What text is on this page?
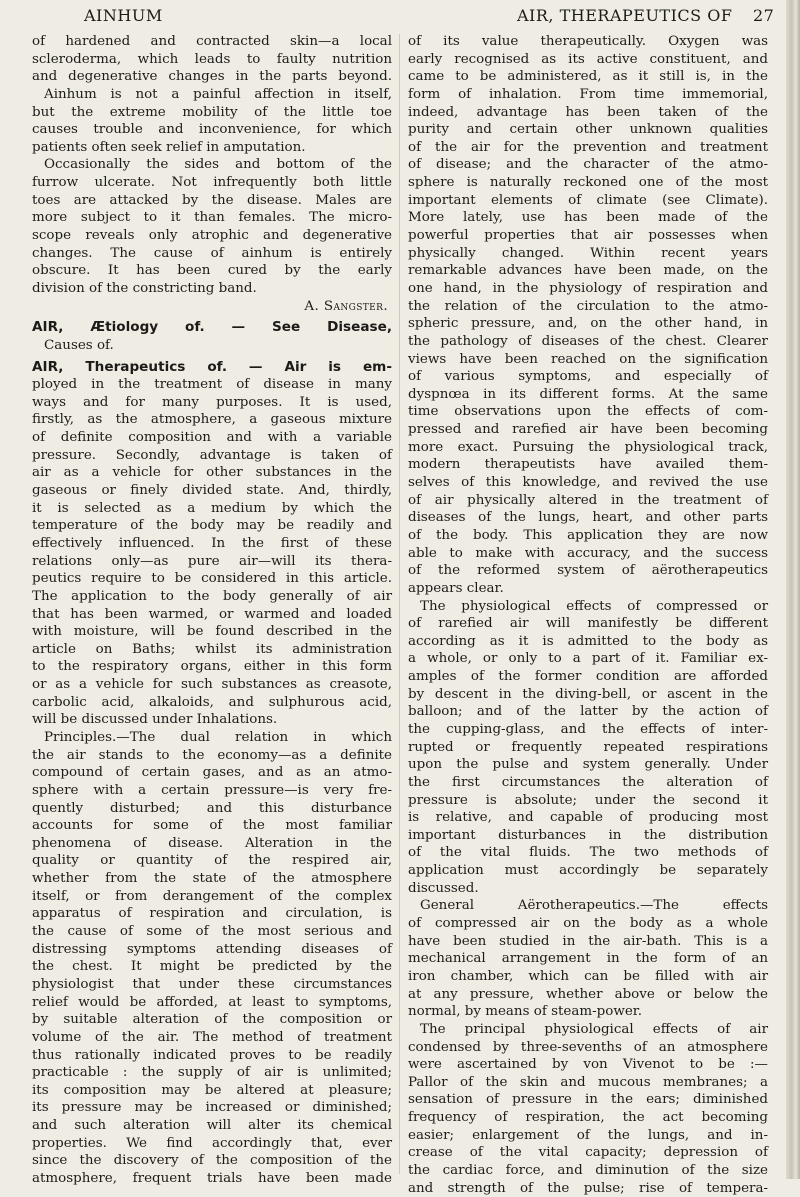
AINHUM	AIR, THERAPEUTICS OF 27
of hardened and contracted skin—a local
scleroderma, which leads to faulty nutrition
and degenerative changes in the parts beyond.
Ainhum is not a painful affection in itself,
but the extreme mobility of the little toe
causes trouble and inconvenience, for which
patients often seek relief in amputation.
Occasionally the sides and bottom of the
furrow ulcerate. Not infrequently both little
toes are attacked by the disease. Males are
more subject to it than females. The micro-
scope reveals only atrophic and degenerative
changes. The cause of ainhum is entirely
obscure. It has been cured by the early
division of the constricting band.
A. Sangster.
AIR, Ætiology of. — See Disease,
Causes of.
AIR, Therapeutics of. — Air is em-
ployed in the treatment of disease in many
ways and for many purposes. It is used,
firstly, as the atmosphere, a gaseous mixture
of definite composition and with a variable
pressure. Secondly, advantage is taken of
air as a vehicle for other substances in the
gaseous or finely divided state. And, thirdly,
it is selected as a medium by which the
temperature of the body may be readily and
effectively influenced. In the first of these
relations only—as pure air—will its thera-
peutics require to be considered in this article.
The application to the body generally of air
that has been warmed, or warmed and loaded
with moisture, will be found described in the
article on Baths; whilst its administration
to the respiratory organs, either in this form
or as a vehicle for such substances as creasote,
carbolic acid, alkaloids, and sulphurous acid,
will be discussed under Inhalations.
Principles.—The dual relation in which
the air stands to the economy—as a definite
compound of certain gases, and as an atmo-
sphere with a certain pressure—is very fre-
quently disturbed; and this disturbance
accounts for some of the most familiar
phenomena of disease. Alteration in the
quality or quantity of the respired air,
whether from the state of the atmosphere
itself, or from derangement of the complex
apparatus of respiration and circulation, is
the cause of some of the most serious and
distressing symptoms attending diseases of
the chest. It might be predicted by the
physiologist that under these circumstances
relief would be afforded, at least to symptoms,
by suitable alteration of the composition or
volume of the air. The method of treatment
thus rationally indicated proves to be readily
practicable : the supply of air is unlimited;
its composition may be altered at pleasure;
its pressure may be increased or diminished;
and such alteration will alter its chemical
properties. We find accordingly that, ever
since the discovery of the composition of the
atmosphere, frequent trials have been made
of its value therapeutically. Oxygen was
early recognised as its active constituent, and
came to be administered, as it still is, in the
form of inhalation. From time immemorial,
indeed, advantage has been taken of the
purity and certain other unknown qualities
of the air for the prevention and treatment
of disease; and the character of the atmo-
sphere is naturally reckoned one of the most
important elements of climate (see Climate).
More lately, use has been made of the
powerful properties that air possesses when
physically changed. Within recent years
remarkable advances have been made, on the
one hand, in the physiology of respiration and
the relation of the circulation to the atmo-
spheric pressure, and, on the other hand, in
the pathology of diseases of the chest. Clearer
views have been reached on the signification
of various symptoms, and especially of
dyspnœa in its different forms. At the same
time observations upon the effects of com-
pressed and rarefied air have been becoming
more exact. Pursuing the physiological track,
modern therapeutists have availed them-
selves of this knowledge, and revived the use
of air physically altered in the treatment of
diseases of the lungs, heart, and other parts
of the body. This application they are now
able to make with accuracy, and the success
of the reformed system of aërotherapeutics
appears clear.
The physiological effects of compressed or
of rarefied air will manifestly be different
according as it is admitted to the body as
a whole, or only to a part of it. Familiar ex-
amples of the former condition are afforded
by descent in the diving-bell, or ascent in the
balloon; and of the latter by the action of
the cupping-glass, and the effects of inter-
rupted or frequently repeated respirations
upon the pulse and system generally. Under
the first circumstances the alteration of
pressure is absolute; under the second it
is relative, and capable of producing most
important disturbances in the distribution
of the vital fluids. The two methods of
application must accordingly be separately
discussed.
General Aërotherapeutics.—The effects
of compressed air on the body as a whole
have been studied in the air-bath. This is a
mechanical arrangement in the form of an
iron chamber, which can be filled with air
at any pressure, whether above or below the
normal, by means of steam-power.
The principal physiological effects of air
condensed by three-sevenths of an atmosphere
were ascertained by von Vivenot to be :—
Pallor of the skin and mucous membranes; a
sensation of pressure in the ears; diminished
frequency of respiration, the act becoming
easier; enlargement of the lungs, and in-
crease of the vital capacity; depression of
the cardiac force, and diminution of the size
and strength of the pulse; rise of tempera-
